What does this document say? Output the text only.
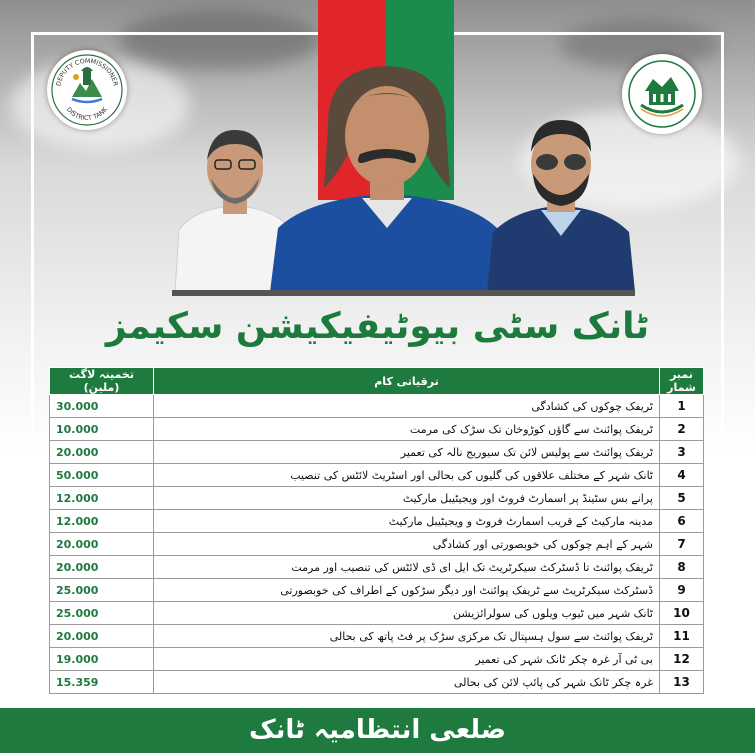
DEPUTY COMMISSIONER
DISTRICT TANK
ٹانک سٹی بیوٹیفیکیشن سکیمز
نمبر شمار	ترقیاتی کام	تخمینہ لاگت (ملین)
1	ٹریفک چوکوں کی کشادگی	30.000
2	ٹریفک پوائنٹ سے گاؤں کوڑوخان تک سڑک کی مرمت	10.000
3	ٹریفک پوائنٹ سے پولیس لائن تک سیوریج نالہ کی تعمیر	20.000
4	ٹانک شہر کے مختلف علاقوں کی گلیوں کی بحالی اور اسٹریٹ لائٹس کی تنصیب	50.000
5	پرانے بس سٹینڈ پر اسمارٹ فروٹ اور ویجیٹیبل مارکیٹ	12.000
6	مدینہ مارکیٹ کے قریب اسمارٹ فروٹ و ویجیٹیبل مارکیٹ	12.000
7	شہر کے اہم چوکوں کی خوبصورتی اور کشادگی	20.000
8	ٹریفک پوائنٹ تا ڈسٹرکٹ سیکرٹریٹ تک ایل ای ڈی لائٹس کی تنصیب اور مرمت	20.000
9	ڈسٹرکٹ سیکرٹریٹ سے ٹریفک پوائنٹ اور دیگر سڑکوں کے اطراف کی خوبصورتی	25.000
10	ٹانک شہر میں ٹیوب ویلوں کی سولرائزیشن	25.000
11	ٹریفک پوائنٹ سے سول ہسپتال تک مرکزی سڑک پر فٹ پاتھ کی بحالی	20.000
12	بی ٹی آر غرہ چکر ٹانک شہر کی تعمیر	19.000
13	غرہ چکر ٹانک شہر کی پائپ لائن کی بحالی	15.359
ضلعی انتظامیہ ٹانک
